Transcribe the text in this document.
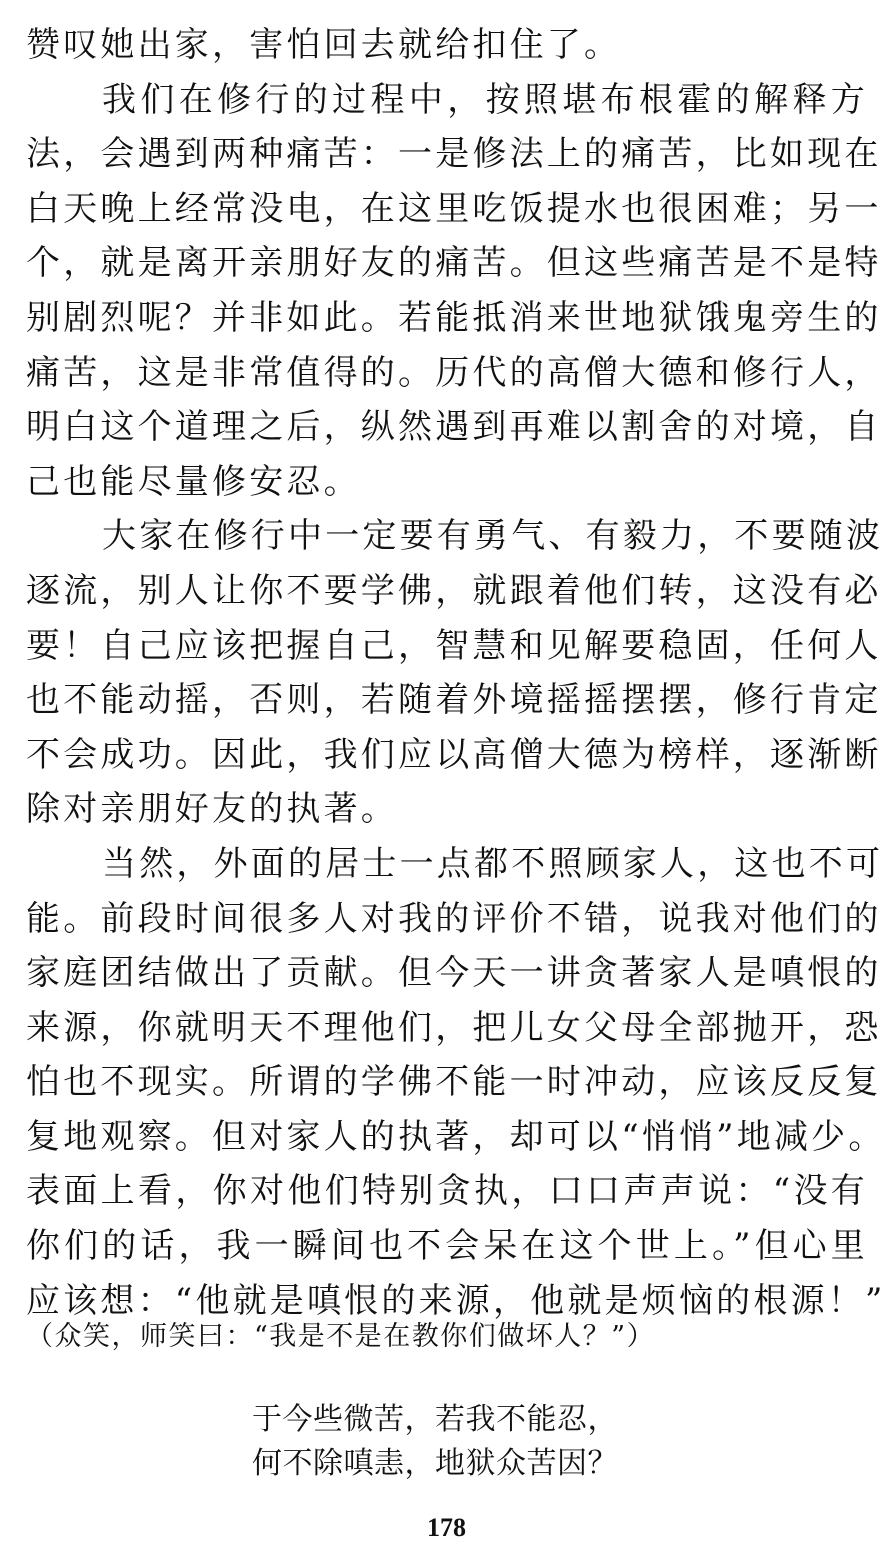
赞叹她出家，害怕回去就给扣住了。
我们在修行的过程中，按照堪布根霍的解释方
法，会遇到两种痛苦：一是修法上的痛苦，比如现在
白天晚上经常没电，在这里吃饭提水也很困难；另一
个，就是离开亲朋好友的痛苦。但这些痛苦是不是特
别剧烈呢？并非如此。若能抵消来世地狱饿鬼旁生的
痛苦，这是非常值得的。历代的高僧大德和修行人，
明白这个道理之后，纵然遇到再难以割舍的对境，自
己也能尽量修安忍。
大家在修行中一定要有勇气、有毅力，不要随波
逐流，别人让你不要学佛，就跟着他们转，这没有必
要！自己应该把握自己，智慧和见解要稳固，任何人
也不能动摇，否则，若随着外境摇摇摆摆，修行肯定
不会成功。因此，我们应以高僧大德为榜样，逐渐断
除对亲朋好友的执著。
当然，外面的居士一点都不照顾家人，这也不可
能。前段时间很多人对我的评价不错，说我对他们的
家庭团结做出了贡献。但今天一讲贪著家人是嗔恨的
来源，你就明天不理他们，把儿女父母全部抛开，恐
怕也不现实。所谓的学佛不能一时冲动，应该反反复
复地观察。但对家人的执著，却可以“悄悄”地减少。
表面上看，你对他们特别贪执，口口声声说：“没有
你们的话，我一瞬间也不会呆在这个世上。”但心里
应该想：“他就是嗔恨的来源，他就是烦恼的根源！”
（众笑，师笑曰：“我是不是在教你们做坏人？”）
于今些微苦，若我不能忍，
何不除嗔恚，地狱众苦因？
178
